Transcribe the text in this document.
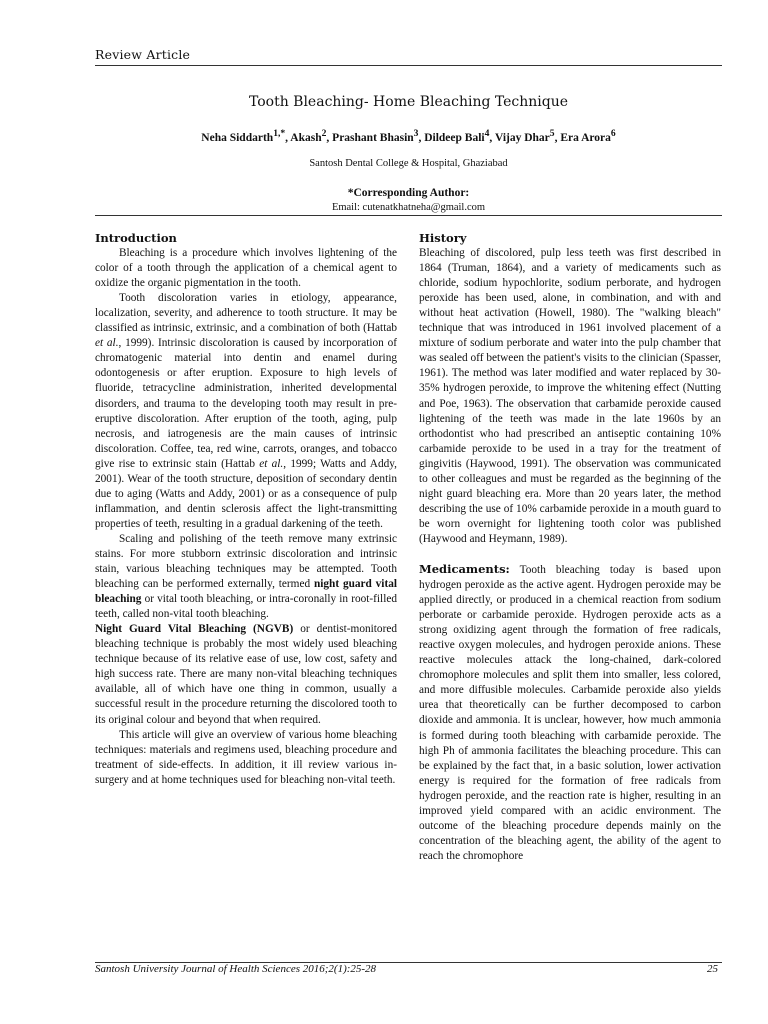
Review Article
Tooth Bleaching- Home Bleaching Technique
Neha Siddarth$^{1,*}$, Akash$^2$, Prashant Bhasin$^3$, Dildeep Bali$^4$, Vijay Dhar$^5$, Era Arora$^6$
Santosh Dental College & Hospital, Ghaziabad
*Corresponding Author:
Email: cutenatkhatneha@gmail.com
Introduction

Bleaching is a procedure which involves lightening of the color of a tooth through the application of a chemical agent to oxidize the organic pigmentation in the tooth.

Tooth discoloration varies in etiology, appearance, localization, severity, and adherence to tooth structure. It may be classified as intrinsic, extrinsic, and a combination of both (Hattab et al., 1999). Intrinsic discoloration is caused by incorporation of chromatogenic material into dentin and enamel during odontogenesis or after eruption. Exposure to high levels of fluoride, tetracycline administration, inherited developmental disorders, and trauma to the developing tooth may result in pre-eruptive discoloration. After eruption of the tooth, aging, pulp necrosis, and iatrogenesis are the main causes of intrinsic discoloration. Coffee, tea, red wine, carrots, oranges, and tobacco give rise to extrinsic stain (Hattab et al., 1999; Watts and Addy, 2001). Wear of the tooth structure, deposition of secondary dentin due to aging (Watts and Addy, 2001) or as a consequence of pulp inflammation, and dentin sclerosis affect the light-transmitting properties of teeth, resulting in a gradual darkening of the teeth.

Scaling and polishing of the teeth remove many extrinsic stains. For more stubborn extrinsic discoloration and intrinsic stain, various bleaching techniques may be attempted. Tooth bleaching can be performed externally, termed night guard vital bleaching or vital tooth bleaching, or intra-coronally in root-filled teeth, called non-vital tooth bleaching.

Night Guard Vital Bleaching (NGVB) or dentist-monitored bleaching technique is probably the most widely used bleaching technique because of its relative ease of use, low cost, safety and high success rate. There are many non-vital bleaching techniques available, all of which have one thing in common, usually a successful result in the procedure returning the discolored tooth to its original colour and beyond that when required.

This article will give an overview of various home bleaching techniques: materials and regimens used, bleaching procedure and treatment of side-effects. In addition, it ill review various in-surgery and at home techniques used for bleaching non-vital teeth.

History

Bleaching of discolored, pulp less teeth was first described in 1864 (Truman, 1864), and a variety of medicaments such as chloride, sodium hypochlorite, sodium perborate, and hydrogen peroxide has been used, alone, in combination, and with and without heat activation (Howell, 1980). The "walking bleach" technique that was introduced in 1961 involved placement of a mixture of sodium perborate and water into the pulp chamber that was sealed off between the patient's visits to the clinician (Spasser, 1961). The method was later modified and water replaced by 30-35% hydrogen peroxide, to improve the whitening effect (Nutting and Poe, 1963). The observation that carbamide peroxide caused lightening of the teeth was made in the late 1960s by an orthodontist who had prescribed an antiseptic containing 10% carbamide peroxide to be used in a tray for the treatment of gingivitis (Haywood, 1991). The observation was communicated to other colleagues and must be regarded as the beginning of the night guard bleaching era. More than 20 years later, the method describing the use of 10% carbamide peroxide in a mouth guard to be worn overnight for lightening tooth color was published (Haywood and Heymann, 1989).

Medicaments: Tooth bleaching today is based upon hydrogen peroxide as the active agent. Hydrogen peroxide may be applied directly, or produced in a chemical reaction from sodium perborate or carbamide peroxide. Hydrogen peroxide acts as a strong oxidizing agent through the formation of free radicals, reactive oxygen molecules, and hydrogen peroxide anions. These reactive molecules attack the long-chained, dark-colored chromophore molecules and split them into smaller, less colored, and more diffusible molecules. Carbamide peroxide also yields urea that theoretically can be further decomposed to carbon dioxide and ammonia. It is unclear, however, how much ammonia is formed during tooth bleaching with carbamide peroxide. The high Ph of ammonia facilitates the bleaching procedure. This can be explained by the fact that, in a basic solution, lower activation energy is required for the formation of free radicals from hydrogen peroxide, and the reaction rate is higher, resulting in an improved yield compared with an acidic environment. The outcome of the bleaching procedure depends mainly on the concentration of the bleaching agent, the ability of the agent to reach the chromophore

Santosh University Journal of Health Sciences 2016;2(1):25-28	25
